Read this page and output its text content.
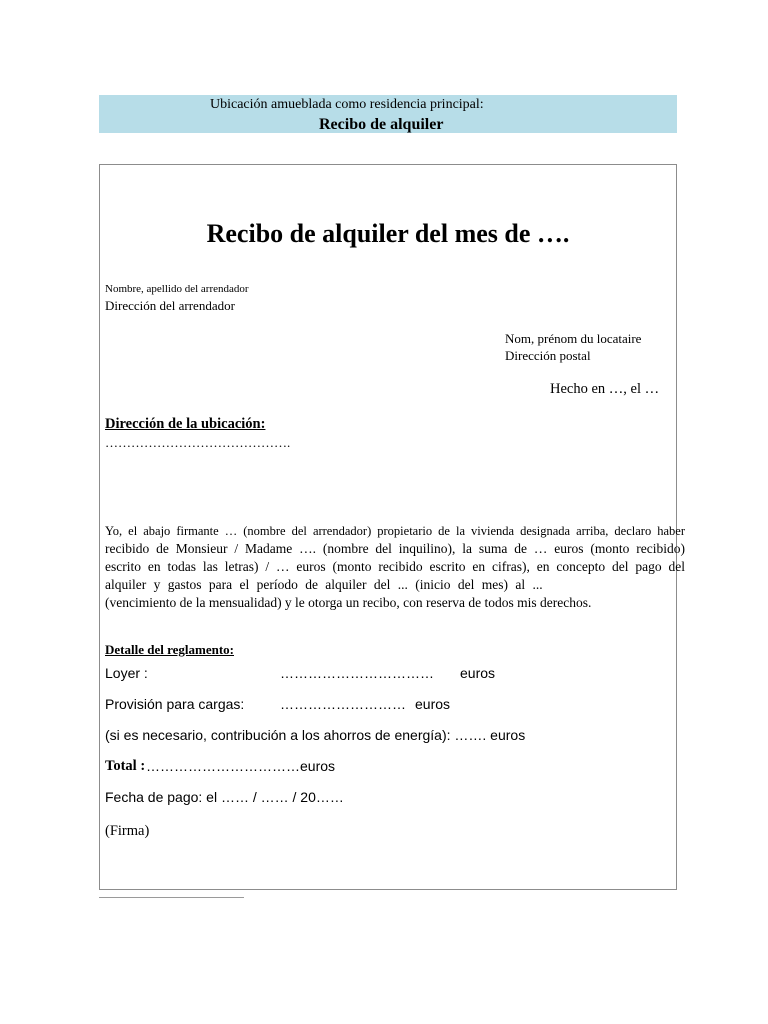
Ubicación amueblada como residencia principal:
Recibo de alquiler
Recibo de alquiler del mes de ….
Nombre, apellido del arrendador
Dirección del arrendador
Nom, prénom du locataire
Dirección postal
Hecho en …, el …
Dirección de la ubicación:
…………………………………….
Yo, el abajo firmante … (nombre del arrendador) propietario de la vivienda designada arriba, declaro haber
recibido de Monsieur / Madame …. (nombre del inquilino), la suma de … euros (monto recibido)
escrito en todas las letras) / … euros (monto recibido escrito en cifras), en concepto del pago del
alquiler y gastos para el período de alquiler del ... (inicio del mes) al ...
(vencimiento de la mensualidad) y le otorga un recibo, con reserva de todos mis derechos.
Detalle del reglamento:
Loyer :	…………………………… euros
Provisión para cargas:	……………………… euros
(si es necesario, contribución a los ahorros de energía): ……. euros
Total : ……………………………euros
Fecha de pago: el …… / …… / 20……
(Firma)
